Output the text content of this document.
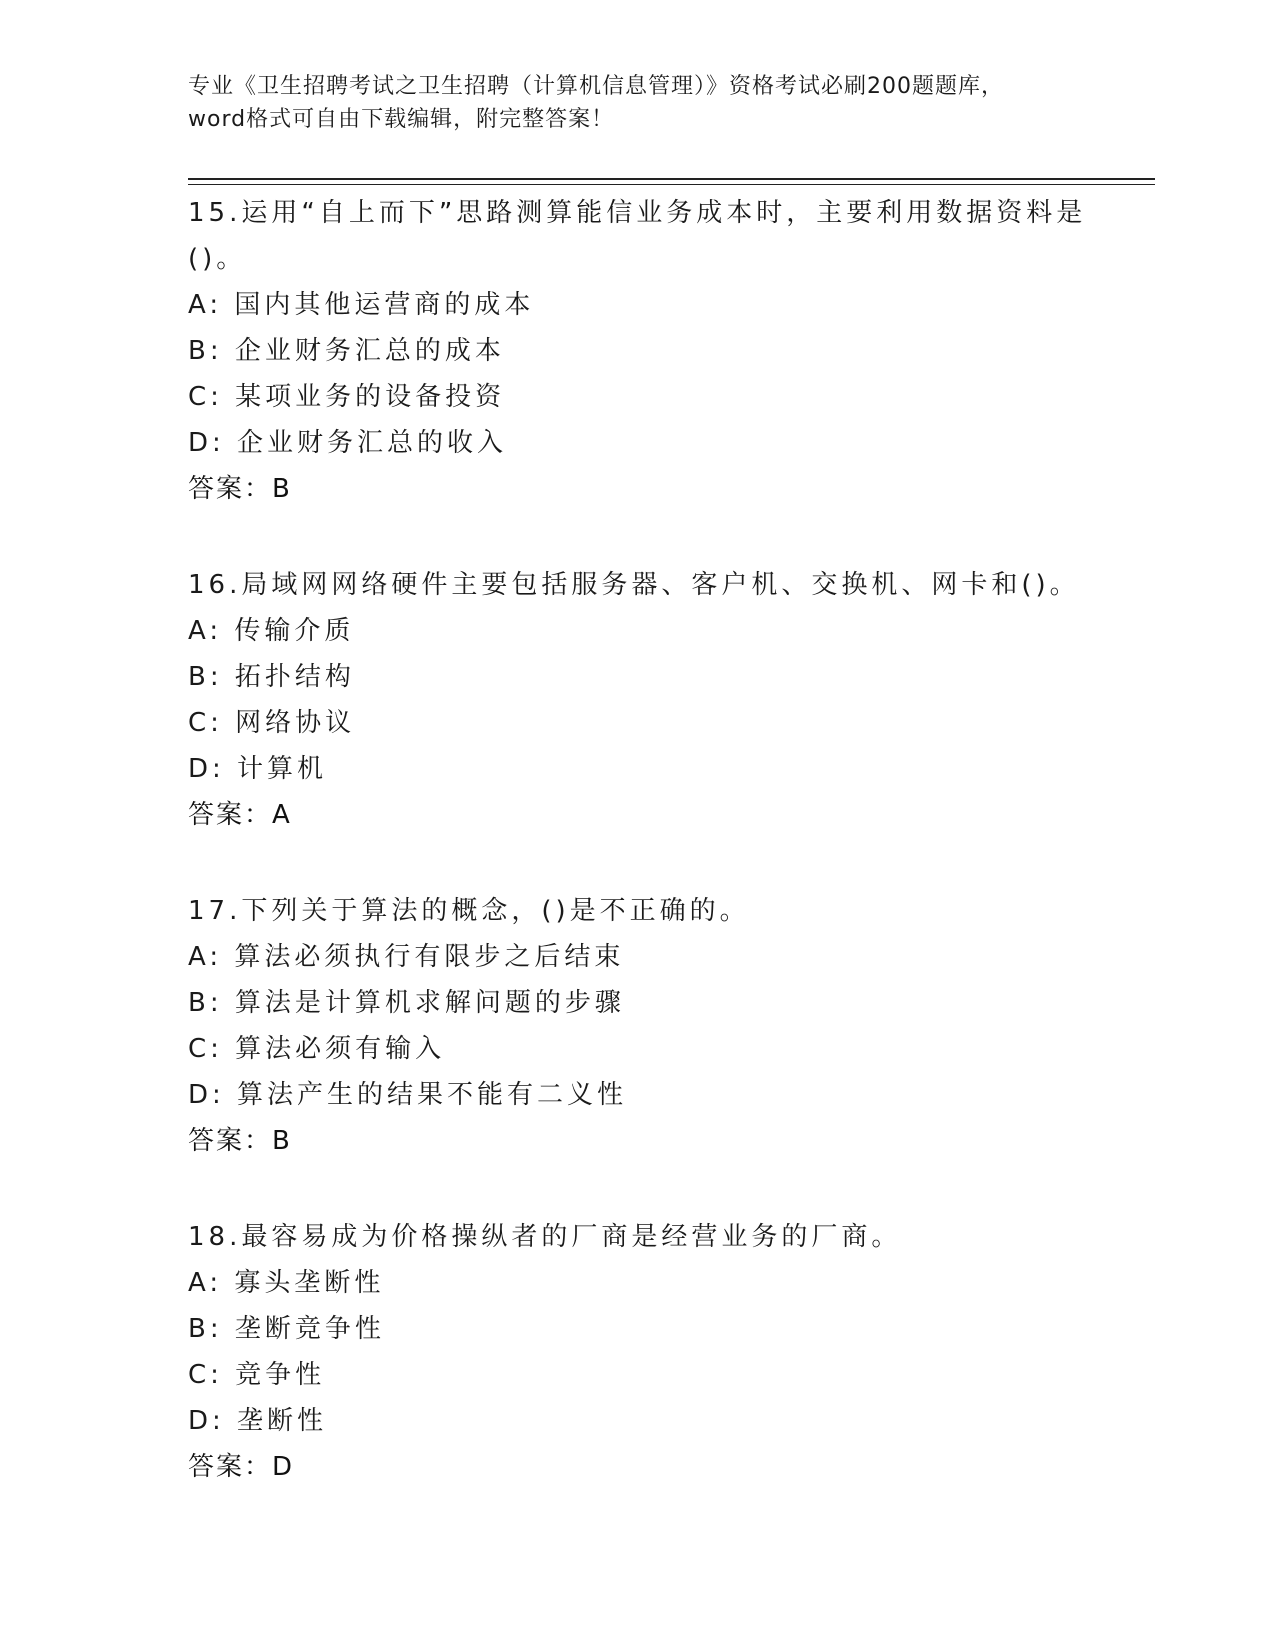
专业《卫生招聘考试之卫生招聘（计算机信息管理）》资格考试必刷200题题库，
word格式可自由下载编辑，附完整答案！

15.运用“自上而下”思路测算能信业务成本时，主要利用数据资料是()。

A: 国内其他运营商的成本

B: 企业财务汇总的成本

C: 某项业务的设备投资

D: 企业财务汇总的收入

答案：B

16.局域网网络硬件主要包括服务器、客户机、交换机、网卡和()。

A: 传输介质

B: 拓扑结构

C: 网络协议

D: 计算机

答案：A

17.下列关于算法的概念，()是不正确的。

A: 算法必须执行有限步之后结束

B: 算法是计算机求解问题的步骤

C: 算法必须有输入

D: 算法产生的结果不能有二义性

答案：B

18.最容易成为价格操纵者的厂商是经营业务的厂商。

A: 寡头垄断性

B: 垄断竞争性

C: 竞争性

D: 垄断性

答案：D
